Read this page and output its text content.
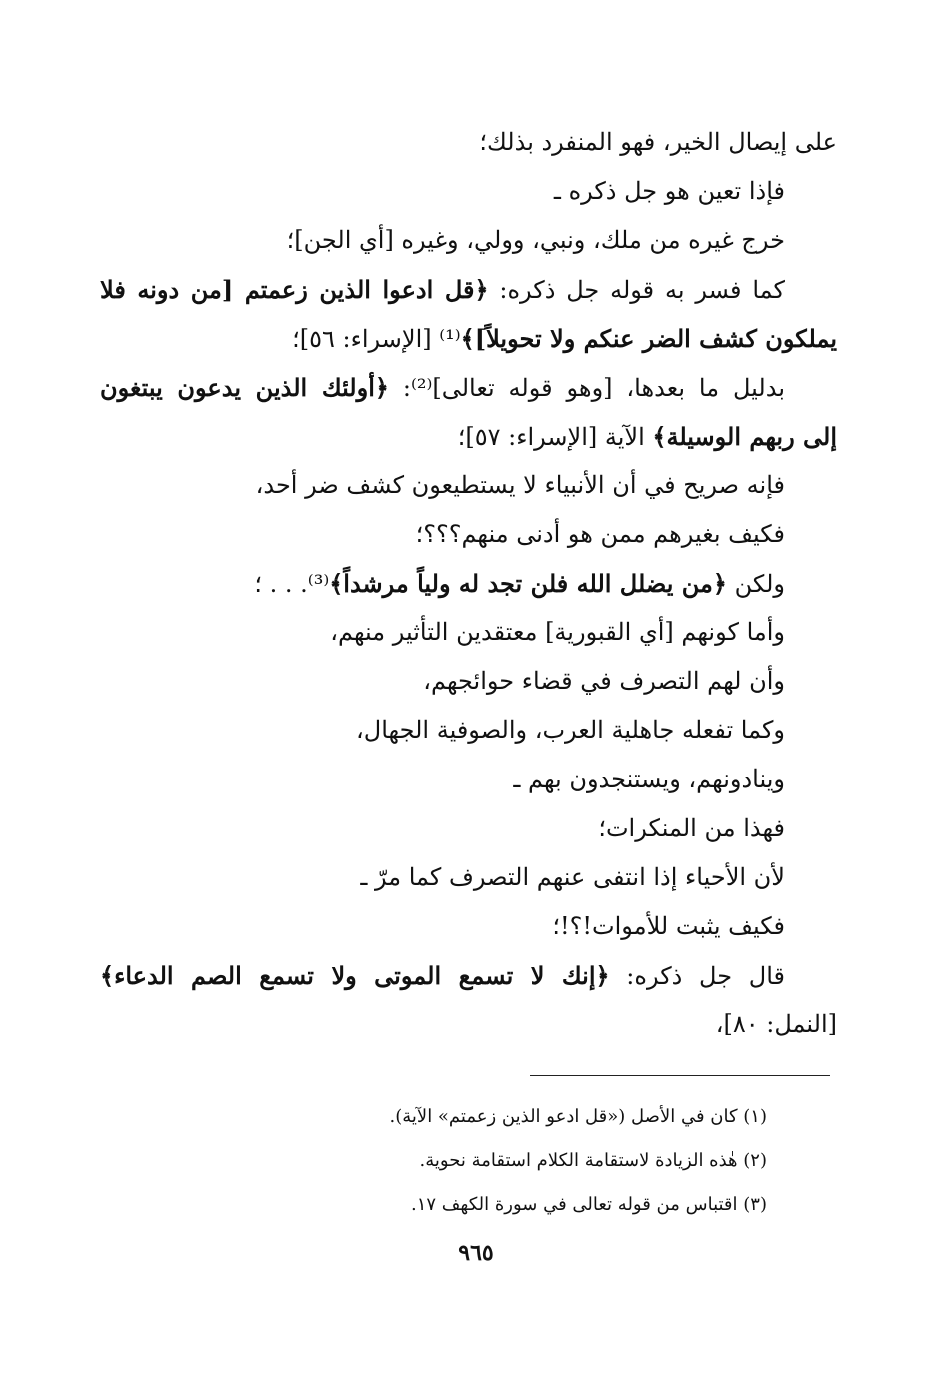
على إيصال الخير، فهو المنفرد بذلك؛
فإذا تعين هو جل ذكره ـ
خرج غيره من ملك، ونبي، وولي، وغيره [أي الجن]؛
كما فسر به قوله جل ذكره: ﴿قل ادعوا الذين زعمتم [من دونه فلا
يملكون كشف الضر عنكم ولا تحويلاً]﴾⁽¹⁾ [الإسراء: ٥٦]؛
بدليل ما بعدها، [وهو قوله تعالى]⁽²⁾: ﴿أولئك الذين يدعون يبتغون
إلى ربهم الوسيلة﴾ الآية [الإسراء: ٥٧]؛
فإنه صريح في أن الأنبياء لا يستطيعون كشف ضر أحد،
فكيف بغيرهم ممن هو أدنى منهم؟؟؟؛
ولكن ﴿من يضلل الله فلن تجد له ولياً مرشداً﴾⁽³⁾. . . ؛
وأما كونهم [أي القبورية] معتقدين التأثير منهم،
وأن لهم التصرف في قضاء حوائجهم،
وكما تفعله جاهلية العرب، والصوفية الجهال،
وينادونهم، ويستنجدون بهم ـ
فهذا من المنكرات؛
لأن الأحياء إذا انتفى عنهم التصرف كما مرّ ـ
فكيف يثبت للأموات!؟!؛
قال جل ذكره: ﴿إنك لا تسمع الموتى ولا تسمع الصم الدعاء﴾
[النمل: ٨٠]،
(١) كان في الأصل («قل ادعو الذين زعمتم» الآية).
(٢) هٰذه الزيادة لاستقامة الكلام استقامة نحوية.
(٣) اقتباس من قوله تعالى في سورة الكهف ١٧.
٩٦٥
